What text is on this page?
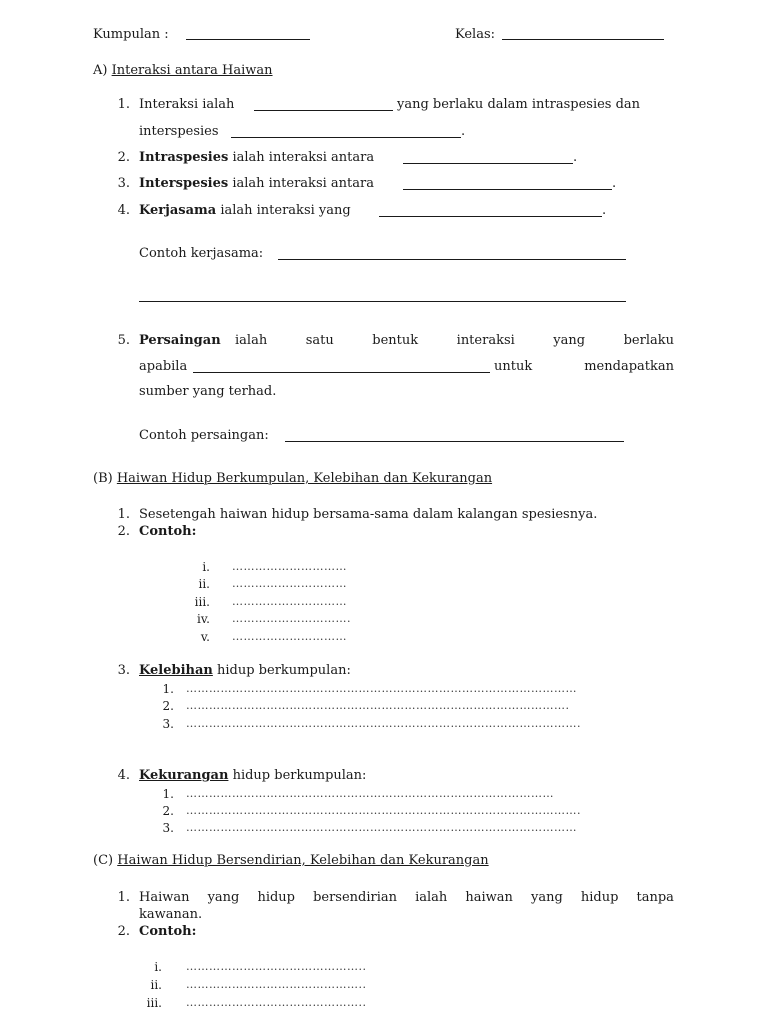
Kumpulan :	Kelas:
A) Interaksi antara Haiwan
1. Interaksi ialah	yang berlaku dalam intraspesies dan
interspesies	.
2. Intraspesies ialah interaksi antara	.
3. Interspesies ialah interaksi antara	.
4. Kerjasama ialah interaksi yang	.
Contoh kerjasama:
5. Persaingan ialah	satu	bentuk	interaksi	yang	berlaku
apabila	untuk	mendapatkan
sumber yang terhad.
Contoh persaingan:
(B) Haiwan Hidup Berkumpulan, Kelebihan dan Kekurangan
1. Sesetengah haiwan hidup bersama-sama dalam kalangan spesiesnya.
2. Contoh:
i. …………………………
ii. …………………………
iii. …………………………
iv. ………………………….
v. …………………………
3. Kelebihan hidup berkumpulan:
1. …………………………………………………………………………………………
2. ……………………………………………………………………………………….
3. ………………………………………………………………………………………….
4. Kekurangan hidup berkumpulan:
1. ……………………………………………………………………………………
2. ………………………………………………………………………………………….
3. …………………………………………………………………………………………
(C) Haiwan Hidup Bersendirian, Kelebihan dan Kekurangan
1. Haiwan yang hidup bersendirian ialah haiwan yang hidup tanpa
kawanan.
2. Contoh:
i. ………………………………………..
ii. ………………………………………..
iii. ………………………………………..
